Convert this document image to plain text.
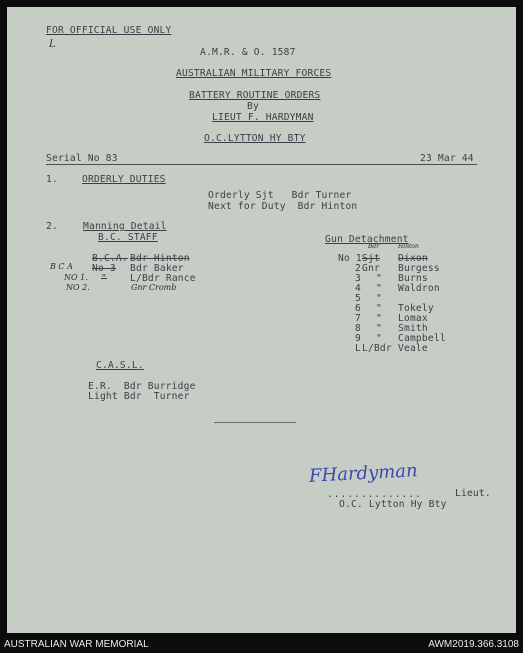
FOR OFFICIAL USE ONLY
L
A.M.R. & O. 1587
AUSTRALIAN MILITARY FORCES
BATTERY ROUTINE ORDERS
By
LIEUT F. HARDYMAN
O.C.LYTTON HY BTY
Serial No 83	23 Mar 44
1.	ORDERLY DUTIES
Orderly Sjt   Bdr Turner
Next for Duty  Bdr Hinton
2.	Manning Detail
B.C. STAFF
B.C.A. Bdr Hinton
B C A No 3 Bdr Baker
NO 1. " L/Bdr Rance
NO 2.	Gnr Cromb
Gun Detachment
Bdr	Hinton
No 1 Sjt Dixon
2 Gnr Burgess
3 " Burns
4 " Waldron
5 "
6 " Tokely
7 " Lomax
8 " Smith
9 " Campbell
L L/Bdr Veale
C.A.S.L.
E.R.  Bdr Burridge
Light Bdr  Turner
FHardyman
..............	Lieut.
O.C. Lytton Hy Bty
AUSTRALIAN WAR MEMORIAL	AWM2019.366.3108
